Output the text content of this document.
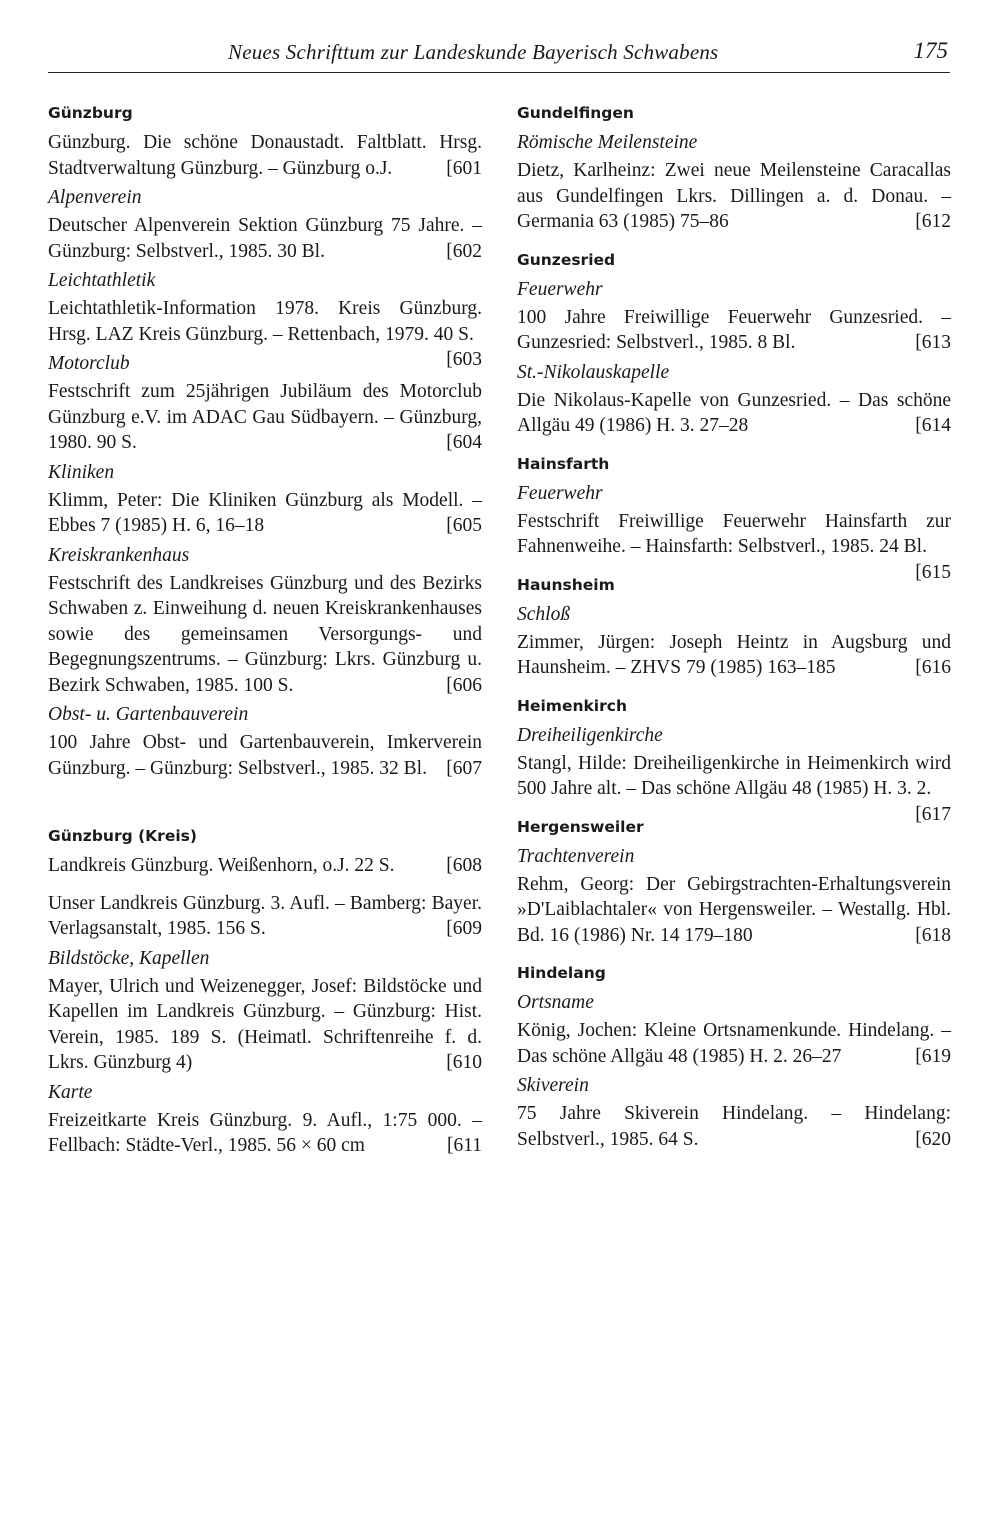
Neues Schrifttum zur Landeskunde Bayerisch Schwabens	175
Günzburg

Günzburg. Die schöne Donaustadt. Faltblatt. Hrsg. Stadtverwaltung Günzburg. – Günzburg o.J.	[601

Alpenverein

Deutscher Alpenverein Sektion Günzburg 75 Jahre. – Günzburg: Selbstverl., 1985. 30 Bl.	[602

Leichtathletik

Leichtathletik-Information 1978. Kreis Günzburg. Hrsg. LAZ Kreis Günzburg. – Rettenbach, 1979. 40 S.
[603

Motorclub

Festschrift zum 25jährigen Jubiläum des Motorclub Günzburg e.V. im ADAC Gau Südbayern. – Günzburg, 1980. 90 S.	[604

Kliniken

Klimm, Peter: Die Kliniken Günzburg als Modell. – Ebbes 7 (1985) H. 6, 16–18	[605

Kreiskrankenhaus

Festschrift des Landkreises Günzburg und des Bezirks Schwaben z. Einweihung d. neuen Kreiskrankenhauses sowie des gemeinsamen Versorgungs- und Begegnungszentrums. – Günzburg: Lkrs. Günzburg u. Bezirk Schwaben, 1985. 100 S.	[606

Obst- u. Gartenbauverein

100 Jahre Obst- und Gartenbauverein, Imkerverein Günzburg. – Günzburg: Selbstverl., 1985. 32 Bl. [607

Günzburg (Kreis)

Landkreis Günzburg. Weißenhorn, o.J. 22 S.	[608

Unser Landkreis Günzburg. 3. Aufl. – Bamberg: Bayer. Verlagsanstalt, 1985. 156 S.	[609

Bildstöcke, Kapellen

Mayer, Ulrich und Weizenegger, Josef: Bildstöcke und Kapellen im Landkreis Günzburg. – Günzburg: Hist. Verein, 1985. 189 S. (Heimatl. Schriftenreihe f. d. Lkrs. Günzburg 4)	[610

Karte

Freizeitkarte Kreis Günzburg. 9. Aufl., 1:75 000. – Fellbach: Städte-Verl., 1985. 56 × 60 cm	[611

Gundelfingen
Römische Meilensteine

Dietz, Karlheinz: Zwei neue Meilensteine Caracallas aus Gundelfingen Lkrs. Dillingen a. d. Donau. – Germania 63 (1985) 75–86	[612

Gunzesried
Feuerwehr

100 Jahre Freiwillige Feuerwehr Gunzesried. – Gunzesried: Selbstverl., 1985. 8 Bl.	[613

St.-Nikolauskapelle

Die Nikolaus-Kapelle von Gunzesried. – Das schöne Allgäu 49 (1986) H. 3. 27–28	[614

Hainsfarth
Feuerwehr

Festschrift Freiwillige Feuerwehr Hainsfarth zur Fahnenweihe. – Hainsfarth: Selbstverl., 1985. 24 Bl.
[615

Haunsheim
Schloß

Zimmer, Jürgen: Joseph Heintz in Augsburg und Haunsheim. – ZHVS 79 (1985) 163–185	[616

Heimenkirch
Dreiheiligenkirche

Stangl, Hilde: Dreiheiligenkirche in Heimenkirch wird 500 Jahre alt. – Das schöne Allgäu 48 (1985) H. 3. 2.
[617

Hergensweiler
Trachtenverein

Rehm, Georg: Der Gebirgstrachten-Erhaltungsverein »D'Laiblachtaler« von Hergensweiler. – Westallg. Hbl. Bd. 16 (1986) Nr. 14 179–180	[618

Hindelang
Ortsname

König, Jochen: Kleine Ortsnamenkunde. Hindelang. – Das schöne Allgäu 48 (1985) H. 2. 26–27	[619

Skiverein

75 Jahre Skiverein Hindelang. – Hindelang: Selbstverl., 1985. 64 S.	[620
